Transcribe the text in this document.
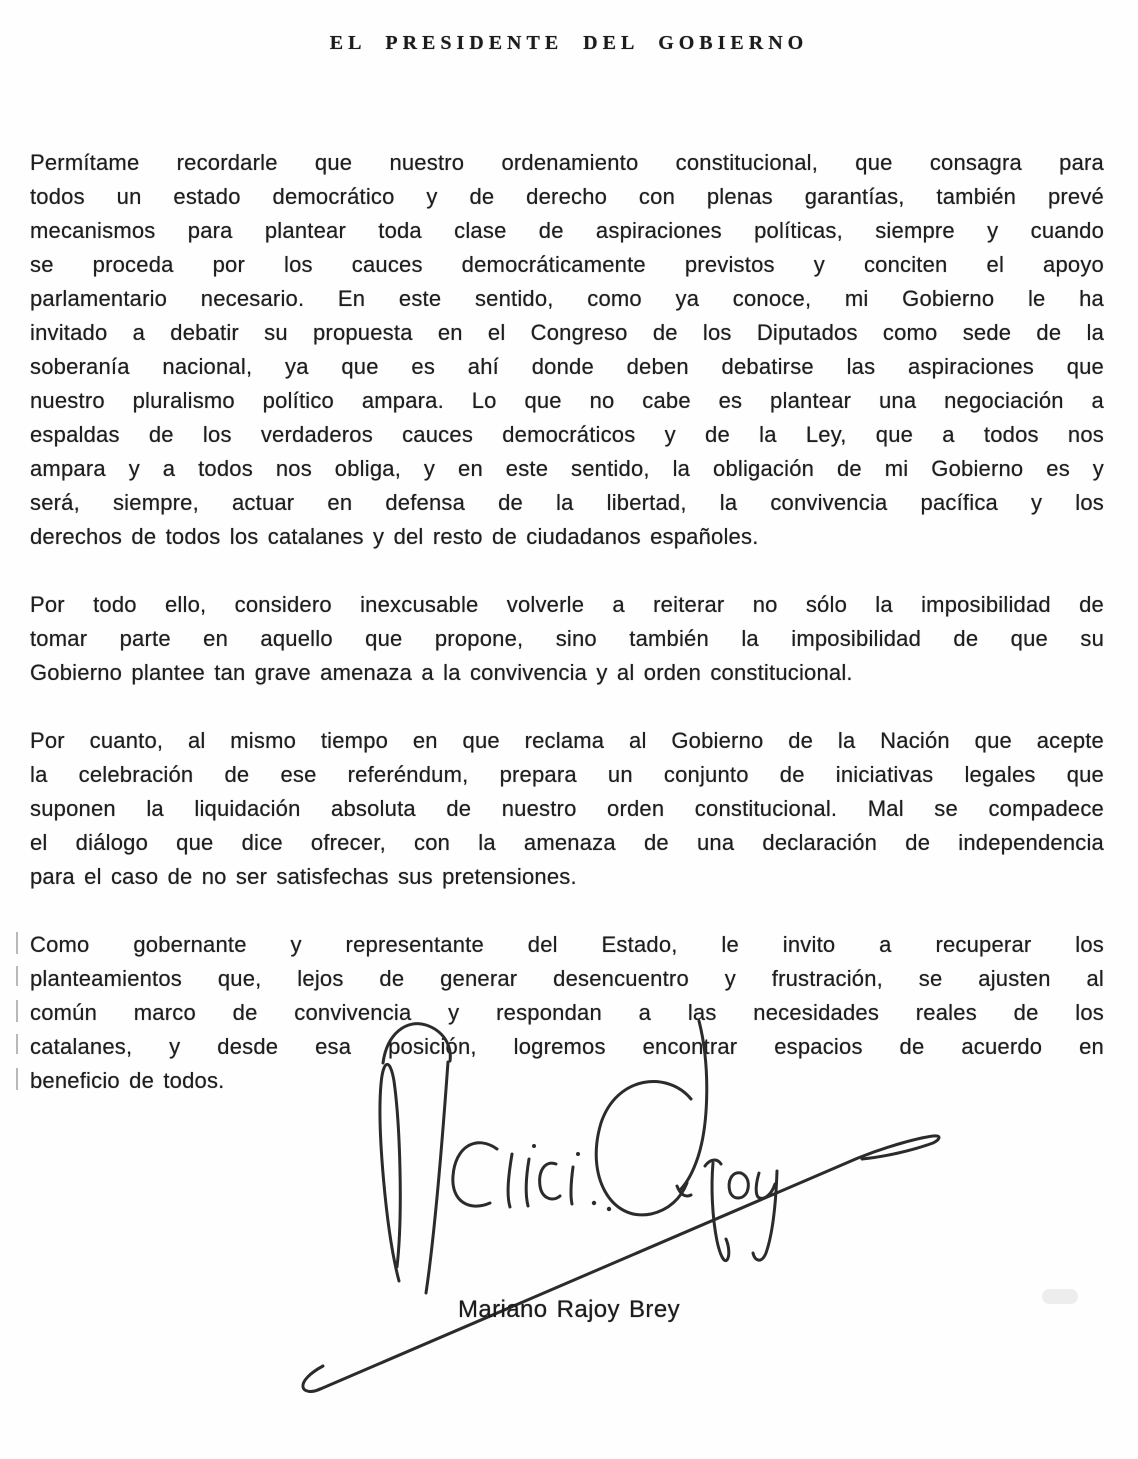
EL PRESIDENTE DEL GOBIERNO
Permítame recordarle que nuestro ordenamiento constitucional, que consagra para
todos un estado democrático y de derecho con plenas garantías, también prevé
mecanismos para plantear toda clase de aspiraciones políticas, siempre y cuando
se proceda por los cauces democráticamente previstos y conciten el apoyo
parlamentario necesario. En este sentido, como ya conoce, mi Gobierno le ha
invitado a debatir su propuesta en el Congreso de los Diputados como sede de la
soberanía nacional, ya que es ahí donde deben debatirse las aspiraciones que
nuestro pluralismo político ampara. Lo que no cabe es plantear una negociación a
espaldas de los verdaderos cauces democráticos y de la Ley, que a todos nos
ampara y a todos nos obliga, y en este sentido, la obligación de mi Gobierno es y
será, siempre, actuar en defensa de la libertad, la convivencia pacífica y los
derechos de todos los catalanes y del resto de ciudadanos españoles.
Por todo ello, considero inexcusable volverle a reiterar no sólo la imposibilidad de
tomar parte en aquello que propone, sino también la imposibilidad de que su
Gobierno plantee tan grave amenaza a la convivencia y al orden constitucional.
Por cuanto, al mismo tiempo en que reclama al Gobierno de la Nación que acepte
la celebración de ese referéndum, prepara un conjunto de iniciativas legales que
suponen la liquidación absoluta de nuestro orden constitucional. Mal se compadece
el diálogo que dice ofrecer, con la amenaza de una declaración de independencia
para el caso de no ser satisfechas sus pretensiones.
Como gobernante y representante del Estado, le invito a recuperar los
planteamientos que, lejos de generar desencuentro y frustración, se ajusten al
común marco de convivencia y respondan a las necesidades reales de los
catalanes, y desde esa posición, logremos encontrar espacios de acuerdo en
beneficio de todos.
Mariano Rajoy Brey
